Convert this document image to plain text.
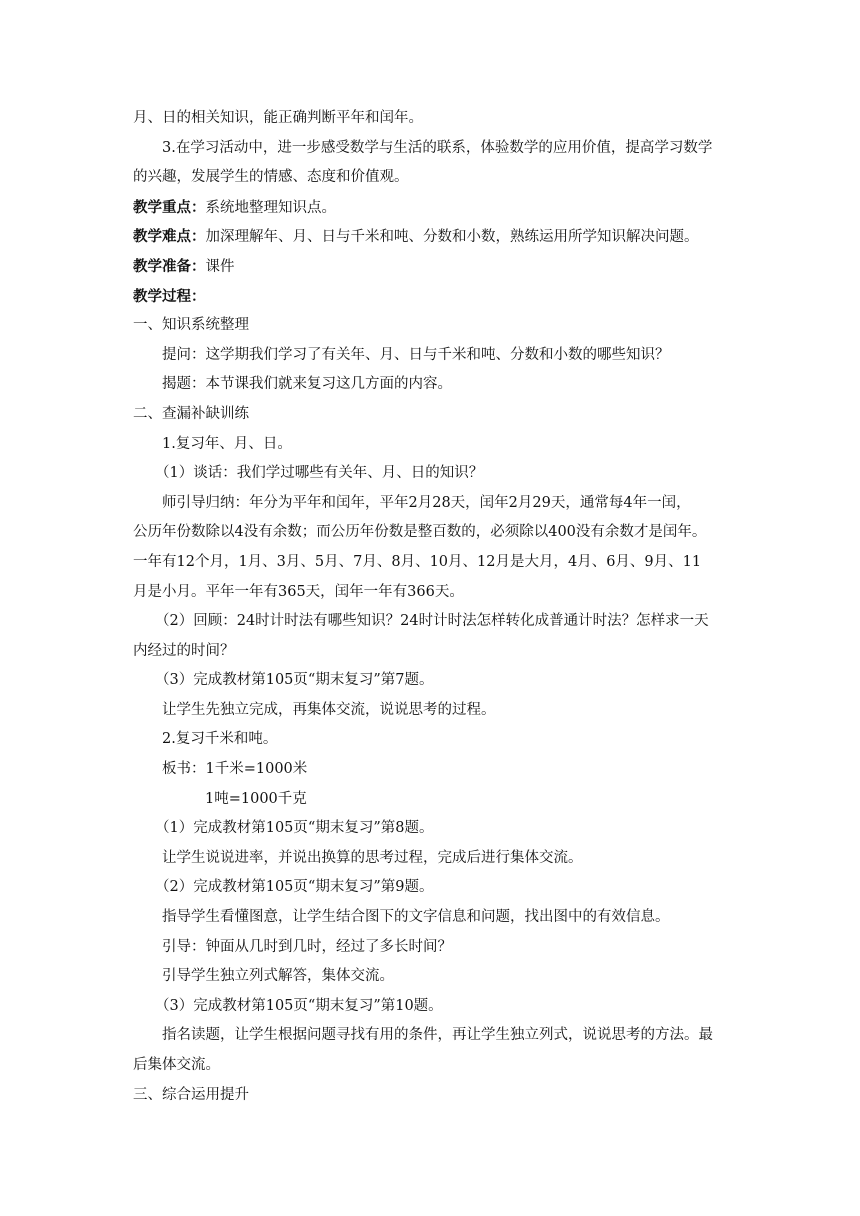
月、日的相关知识，能正确判断平年和闰年。
3.在学习活动中，进一步感受数学与生活的联系，体验数学的应用价值，提高学习数学
的兴趣，发展学生的情感、态度和价值观。
教学重点：系统地整理知识点。
教学难点：加深理解年、月、日与千米和吨、分数和小数，熟练运用所学知识解决问题。
教学准备：课件
教学过程：
一、知识系统整理
提问：这学期我们学习了有关年、月、日与千米和吨、分数和小数的哪些知识？
揭题：本节课我们就来复习这几方面的内容。
二、查漏补缺训练
1.复习年、月、日。
（1）谈话：我们学过哪些有关年、月、日的知识？
师引导归纳：年分为平年和闰年，平年2月28天，闰年2月29天，通常每4年一闰，
公历年份数除以4没有余数；而公历年份数是整百数的，必须除以400没有余数才是闰年。
一年有12个月，1月、3月、5月、7月、8月、10月、12月是大月，4月、6月、9月、11
月是小月。平年一年有365天，闰年一年有366天。
（2）回顾：24时计时法有哪些知识？24时计时法怎样转化成普通计时法？怎样求一天
内经过的时间？
（3）完成教材第105页“期末复习”第7题。
让学生先独立完成，再集体交流，说说思考的过程。
2.复习千米和吨。
板书：1千米=1000米
1吨=1000千克
（1）完成教材第105页“期末复习”第8题。
让学生说说进率，并说出换算的思考过程，完成后进行集体交流。
（2）完成教材第105页“期末复习”第9题。
指导学生看懂图意，让学生结合图下的文字信息和问题，找出图中的有效信息。
引导：钟面从几时到几时，经过了多长时间？
引导学生独立列式解答，集体交流。
（3）完成教材第105页“期末复习”第10题。
指名读题，让学生根据问题寻找有用的条件，再让学生独立列式，说说思考的方法。最
后集体交流。
三、综合运用提升
